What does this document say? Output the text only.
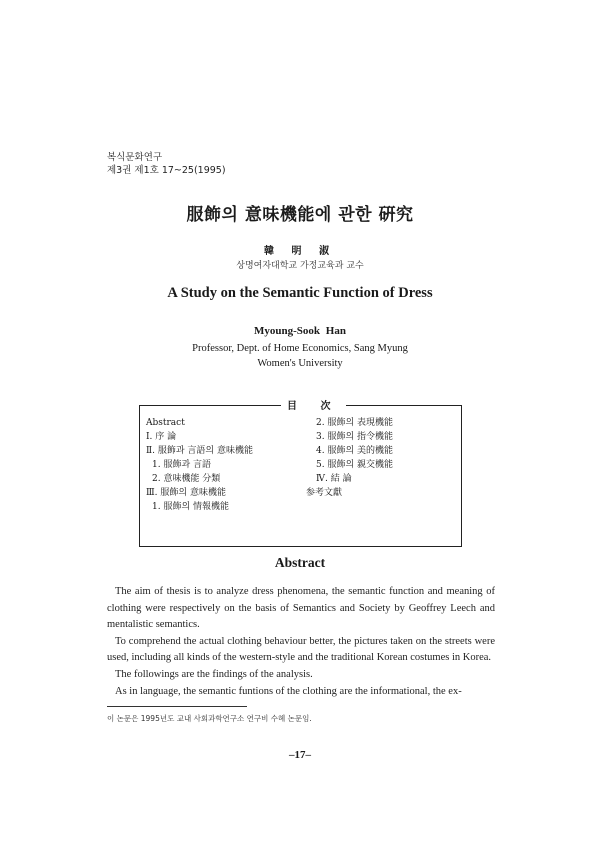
복식문화연구
제3권 제1호 17~25(1995)
服飾의 意味機能에 관한 硏究
韓 明 淑
상명여자대학교 가정교육과 교수
A Study on the Semantic Function of Dress
Myoung-Sook Han
Professor, Dept. of Home Economics, Sang Myung
Women's University
目 次
Abstract
Ⅰ. 序 論
Ⅱ. 服飾과 言語의 意味機能
1. 服飾과 言語
2. 意味機能 分類
Ⅲ. 服飾의 意味機能
1. 服飾의 情報機能
2. 服飾의 表現機能
3. 服飾의 指令機能
4. 服飾의 美的機能
5. 服飾의 親交機能
Ⅳ. 結 論
参考文獻
Abstract

The aim of thesis is to analyze dress phenomena, the semantic function and meaning of clothing were respectively on the basis of Semantics and Society by Geoffrey Leech and mentalistic semantics.

To comprehend the actual clothing behaviour better, the pictures taken on the streets were used, including all kinds of the western-style and the traditional Korean costumes in Korea.

The followings are the findings of the analysis.

As in language, the semantic funtions of the clothing are the informational, the ex-

이 논문은 1995년도 교내 사회과학연구소 연구비 수혜 논문임.
–17–
